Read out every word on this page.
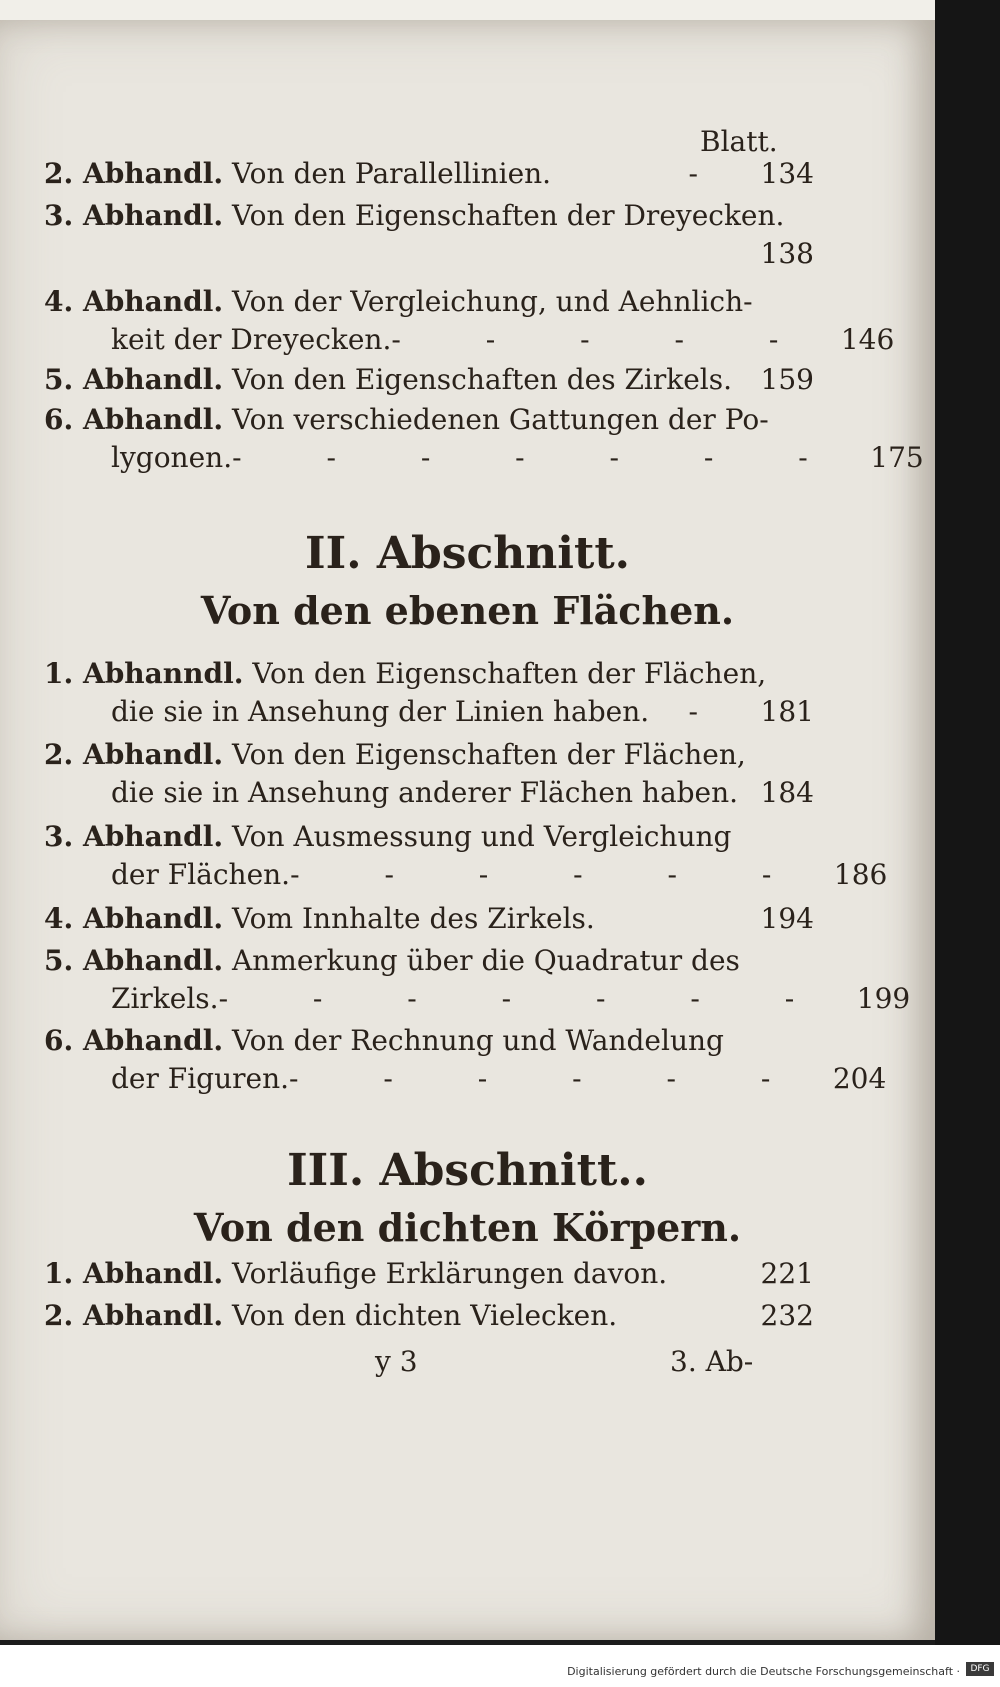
Blatt.
2. Abhandl. Von den Parallellinien.	- 134
3. Abhandl. Von den Eigenschaften der Dreyecken.
138
4. Abhandl. Von der Vergleichung, und Aehnlich-
keit der Dreyecken. - - - - - 146
5. Abhandl. Von den Eigenschaften des Zirkels. 159
6. Abhandl. Von verschiedenen Gattungen der Po-
lygonen. - - - - - - - 175
II. Abschnitt.
Von den ebenen Flächen.
1. Abhanndl. Von den Eigenschaften der Flächen,
die sie in Ansehung der Linien haben.	- 181
2. Abhandl. Von den Eigenschaften der Flächen,
die sie in Ansehung anderer Flächen haben. 184
3. Abhandl. Von Ausmessung und Vergleichung
der Flächen. - - - - - - 186
4. Abhandl. Vom Innhalte des Zirkels.	194
5. Abhandl. Anmerkung über die Quadratur des
Zirkels. - - - - - - - 199
6. Abhandl. Von der Rechnung und Wandelung
der Figuren. - - - - - - 204
III. Abschnitt..
Von den dichten Körpern.
1. Abhandl. Vorläufige Erklärungen davon.	221
2. Abhandl. Von den dichten Vielecken.	232
y 3	3. Ab-
Digitalisierung gefördert durch die Deutsche Forschungsgemeinschaft ·	DFG
